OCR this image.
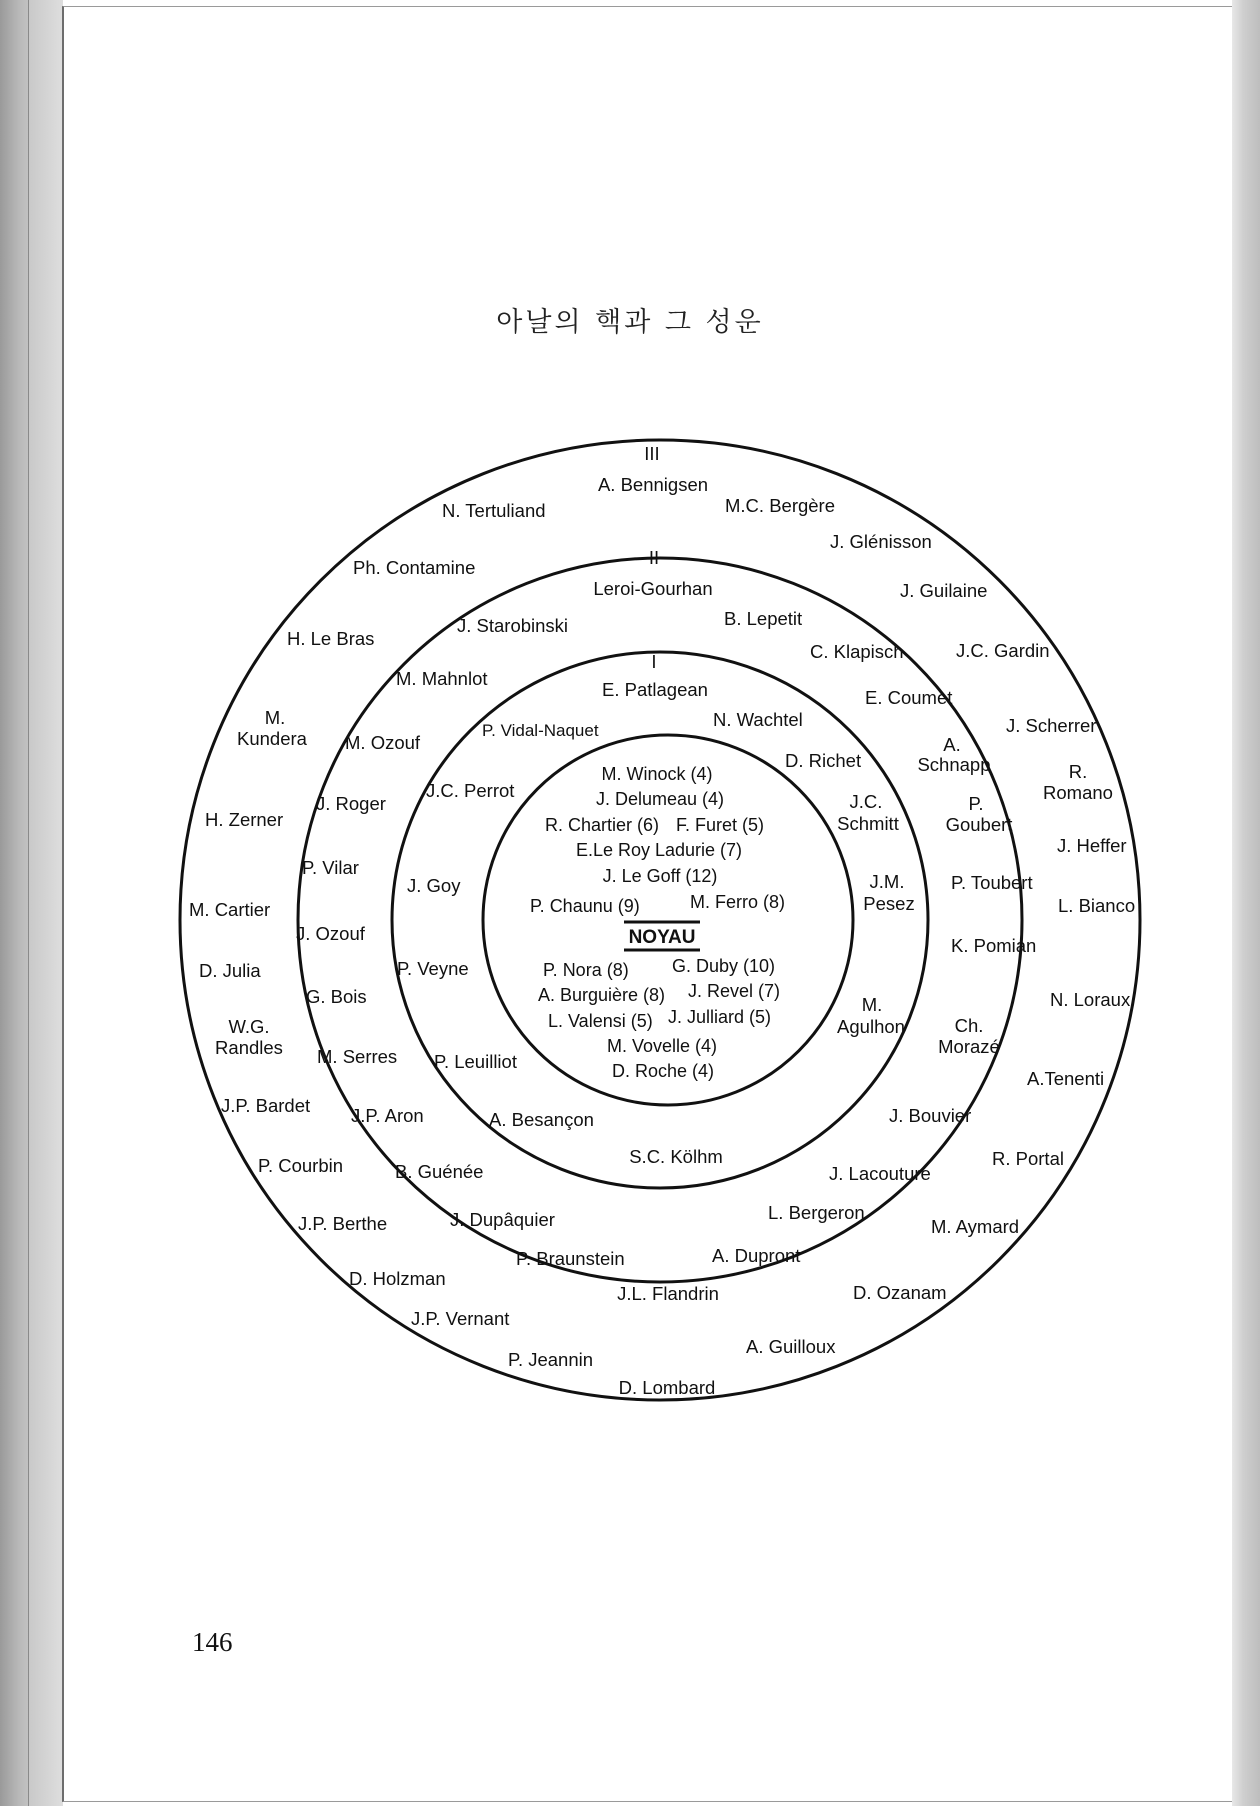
아날의 핵과 그 성운
III
II
I
M. Winock (4)
J. Delumeau (4)
R. Chartier (6) F. Furet (5)
E.Le Roy Ladurie (7)
J. Le Goff (12)
P. Chaunu (9)	M. Ferro (8)
NOYAU
P. Nora (8) G. Duby (10)
A. Burguière (8) J. Revel (7)
L. Valensi (5) J. Julliard (5)
M. Vovelle (4)
D. Roche (4)
E. Patlagean
N. Wachtel
P. Vidal-Naquet
D. Richet
J.C. Perrot
J.C.
Schmitt
J. Goy	J.M.
Pesez
P. Veyne
M.
Agulhon
P. Leuilliot
A. Besançon
S.C. Kölhm
Leroi-Gourhan
J. Starobinski	B. Lepetit
C. Klapisch
M. Mahnlot
E. Coumet
M. Ozouf	A.
Schnapp
J. Roger	P.
Goubert
P. Vilar
P. Toubert
J. Ozouf
K. Pomian
G. Bois
Ch.
Morazé
M. Serres
J.P. Aron	J. Bouvier
B. Guénée	J. Lacouture
J. Dupâquier	L. Bergeron
P. Braunstein	A. Dupront
J.L. Flandrin
A. Bennigsen
N. Tertuliand	M.C. Bergère
J. Glénisson
Ph. Contamine
J. Guilaine
H. Le Bras
J.C. Gardin
M.
Kundera
J. Scherrer
R.
Romano
H. Zerner
J. Heffer
M. Cartier	L. Bianco
D. Julia
N. Loraux
W.G.
Randles
A.Tenenti
J.P. Bardet
P. Courbin	R. Portal
J.P. Berthe	M. Aymard
D. Holzman
D. Ozanam
J.P. Vernant
A. Guilloux
P. Jeannin
D. Lombard
146
